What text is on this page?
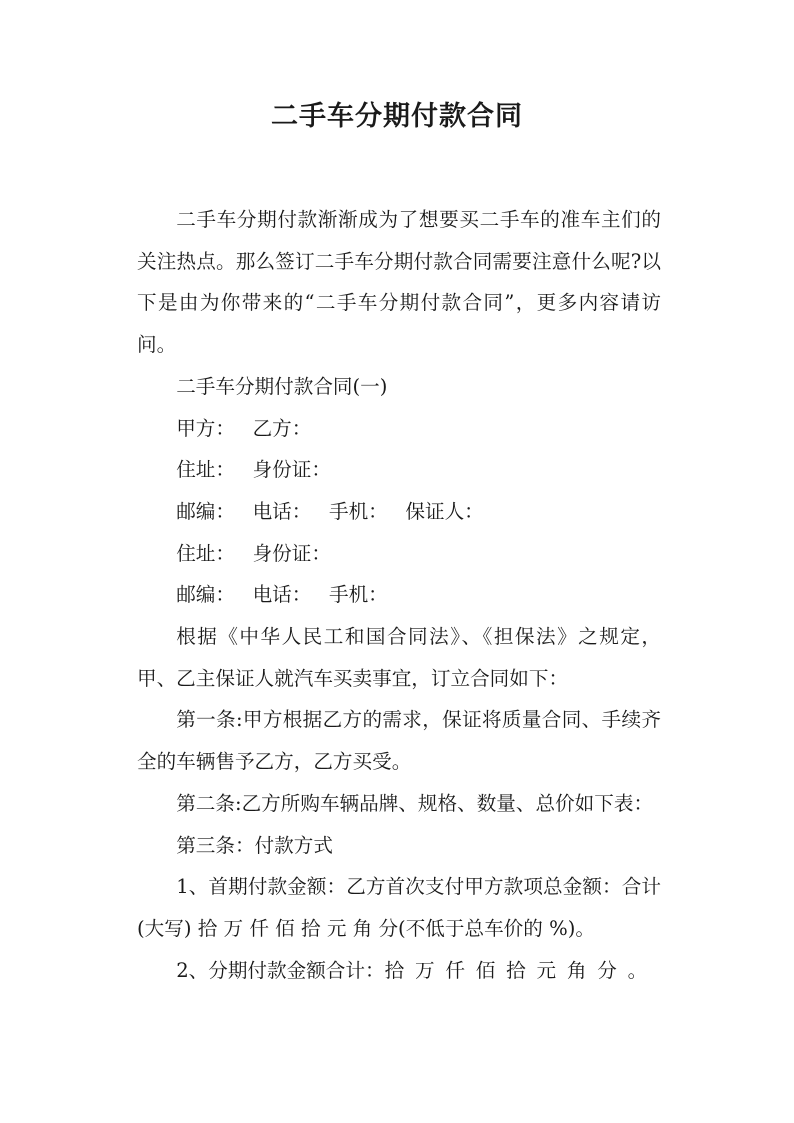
二手车分期付款合同

二手车分期付款渐渐成为了想要买二手车的准车主们的关注热点。那么签订二手车分期付款合同需要注意什么呢?以下是由为你带来的“二手车分期付款合同”，更多内容请访问。

二手车分期付款合同(一)

甲方： 乙方：
住址： 身份证：
邮编： 电话： 手机： 保证人：
住址： 身份证：
邮编： 电话： 手机：

根据《中华人民工和国合同法》、《担保法》之规定，甲、乙主保证人就汽车买卖事宜，订立合同如下：

第一条:甲方根据乙方的需求，保证将质量合同、手续齐全的车辆售予乙方，乙方买受。

第二条:乙方所购车辆品牌、规格、数量、总价如下表：

第三条：付款方式

1、首期付款金额：乙方首次支付甲方款项总金额：合计(大写) 拾 万 仟 佰 拾 元 角 分(不低于总车价的 %)。

2、分期付款金额合计：拾万仟佰拾元角分。
